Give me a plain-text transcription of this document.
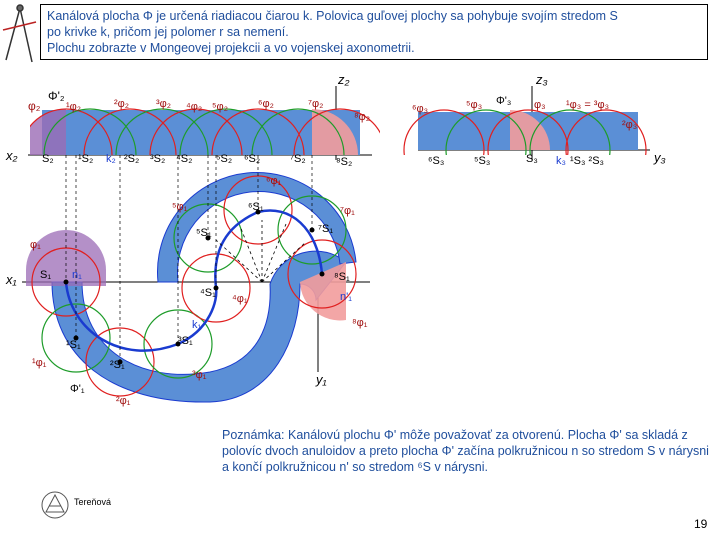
Kanálová plocha Φ je určená riadiacou čiarou k. Polovica guľovej plochy sa pohybuje svojím stredom S

po krivke k, pričom jej polomer r sa nemení.

Plochu zobrazte v Mongeovej projekcii a vo vojenskej axonometrii.

z₂
x₂
φ₂
Φ'₂
¹φ₂	²φ₂ ³φ₂ ⁴φ₂ ⁵φ₂	⁶φ₂	⁷φ₂
⁸φ₂
S₂ ¹S₂ k₂ ²S₂ ³S₂ ⁴S₂ ⁵S₂ ⁶S₂	⁷S₂	⁸S₂
z₃
y₃
⁶φ₃	⁵φ₃ Φ'₃ φ₃ ¹φ₃ = ³φ₃
²φ₃
⁶S₃	⁵S₃	S₃ k₃ ¹S₃ ²S₃
x₁
y₁
φ₁
S₁ n₁
¹φ₁
¹S₁
Φ'₁
²S₁
²φ₁
³S₁
³φ₁
k₁
⁴S₁ ⁴φ₁
⁵S₁
⁵φ₁	⁶S₁
⁶φ₁
⁷S₁
⁷φ₁
⁸S₁
n'₁
⁸φ₁
Poznámka: Kanálovú plochu Φ' môže považovať za otvorenú. Plocha Φ' sa skladá z polovíc dvoch anuloidov a preto plocha Φ' začína polkružnicou n so stredom S v nárysni a končí polkružnicou n' so stredom ⁶S v nárysni.
Tereňová
19
